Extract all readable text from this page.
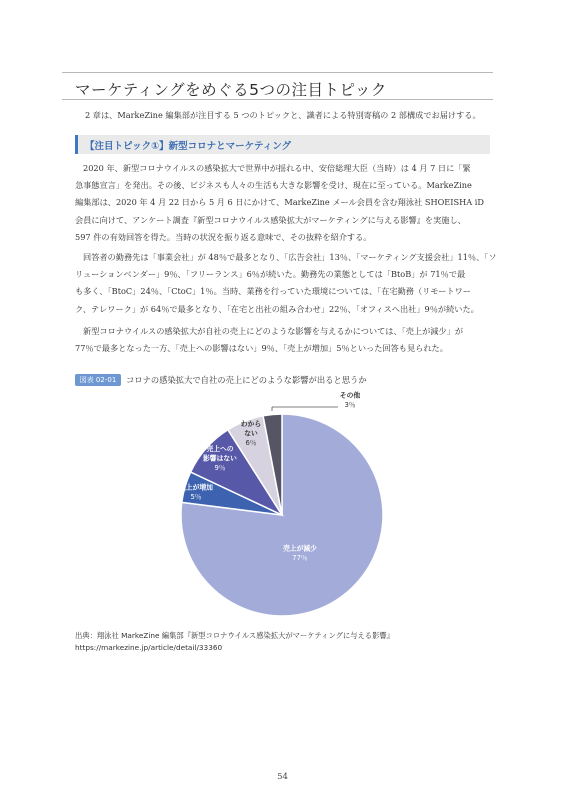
マーケティングをめぐる5つの注目トピック
2 章は、MarkeZine 編集部が注目する 5 つのトピックと、識者による特別寄稿の 2 部構成でお届けする。
【注目トピック①】新型コロナとマーケティング
2020 年、新型コロナウイルスの感染拡大で世界中が揺れる中、安倍総理大臣（当時）は 4 月 7 日に「緊
急事態宣言」を発出。その後、ビジネスも人々の生活も大きな影響を受け、現在に至っている。MarkeZine
編集部は、2020 年 4 月 22 日から 5 月 6 日にかけて、MarkeZine メール会員を含む翔泳社 SHOEISHA iD
会員に向けて、アンケート調査『新型コロナウイルス感染拡大がマーケティングに与える影響』を実施し、
597 件の有効回答を得た。当時の状況を振り返る意味で、その抜粋を紹介する。
回答者の勤務先は「事業会社」が 48％で最多となり、「広告会社」13％、「マーケティング支援会社」11％、「ソ
リューションベンダー」9％、「フリーランス」6％が続いた。勤務先の業態としては「BtoB」が 71％で最
も多く、「BtoC」24％、「CtoC」1％。当時、業務を行っていた環境については、「在宅勤務（リモートワー
ク、テレワーク」が 64％で最多となり、「在宅と出社の組み合わせ」22％、「オフィスへ出社」9％が続いた。
新型コロナウイルスの感染拡大が自社の売上にどのような影響を与えるかについては、「売上が減少」が
77％で最多となった一方、「売上への影響はない」9％、「売上が増加」5％といった回答も見られた。
図表 02-01	コロナの感染拡大で自社の売上にどのような影響が出ると思うか
売上が減少 77％
売上が増加 5％
売上への影響はない 9％
わからない 6％
その他 3％
出典：翔泳社 MarkeZine 編集部『新型コロナウイルス感染拡大がマーケティングに与える影響』
https://markezine.jp/article/detail/33360
54
